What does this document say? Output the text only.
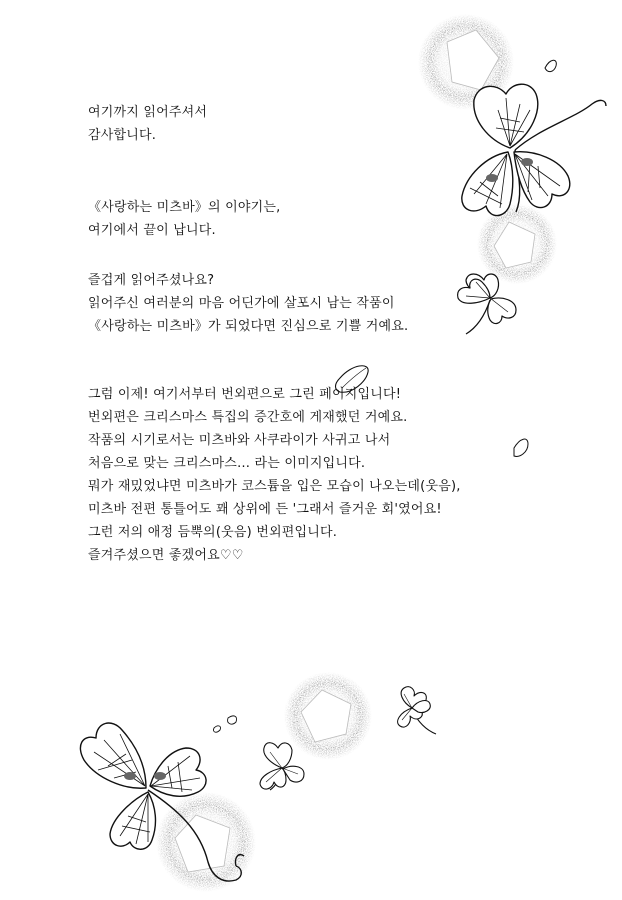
여기까지 읽어주셔서
감사합니다.
《사랑하는 미츠바》의 이야기는,
여기에서 끝이 납니다.
즐겁게 읽어주셨나요?
읽어주신 여러분의 마음 어딘가에 살포시 남는 작품이
《사랑하는 미츠바》가 되었다면 진심으로 기쁠 거예요.
그럼 이제! 여기서부터 번외편으로 그린 페이지입니다!
번외편은 크리스마스 특집의 증간호에 게재했던 거예요.
작품의 시기로서는 미츠바와 사쿠라이가 사귀고 나서
처음으로 맞는 크리스마스… 라는 이미지입니다.
뭐가 재밌었냐면 미츠바가 코스튬을 입은 모습이 나오는데(웃음),
미츠바 전편 통틀어도 꽤 상위에 든 '그래서 즐거운 회'였어요!
그런 저의 애정 듬뿍의(웃음) 번외편입니다.
즐겨주셨으면 좋겠어요♡♡
